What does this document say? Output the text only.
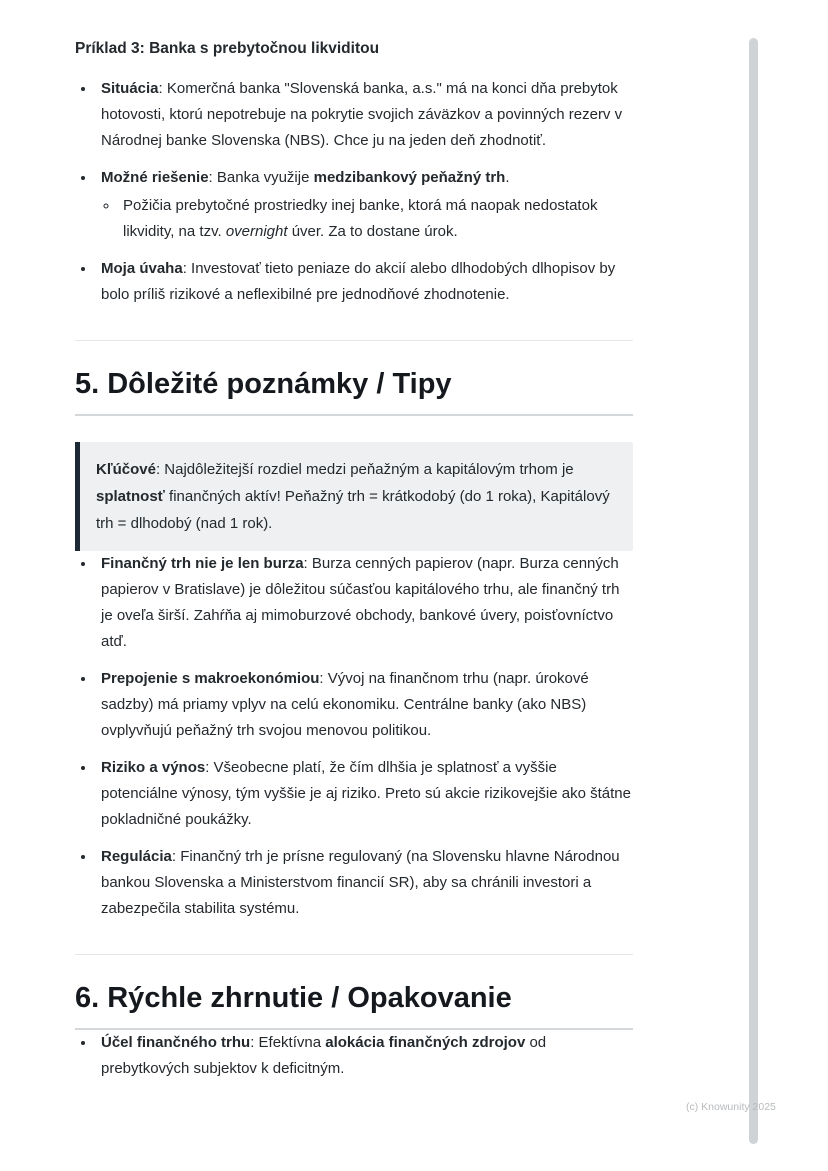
Príklad 3: Banka s prebytočnou likviditou

• Situácia: Komerčná banka "Slovenská banka, a.s." má na konci dňa prebytok hotovosti, ktorú nepotrebuje na pokrytie svojich záväzkov a povinných rezerv v Národnej banke Slovenska (NBS). Chce ju na jeden deň zhodnotiť.
• Možné riešenie: Banka využije medzibankový peňažný trh.
◦ Požičia prebytočné prostriedky inej banke, ktorá má naopak nedostatok likvidity, na tzv. overnight úver. Za to dostane úrok.
• Moja úvaha: Investovať tieto peniaze do akcií alebo dlhodobých dlhopisov by bolo príliš rizikové a neflexibilné pre jednodňové zhodnotenie.
5. Dôležité poznámky / Tipy

Kľúčové: Najdôležitejší rozdiel medzi peňažným a kapitálovým trhom je splatnosť finančných aktív! Peňažný trh = krátkodobý (do 1 roka), Kapitálový trh = dlhodobý (nad 1 rok).

• Finančný trh nie je len burza: Burza cenných papierov (napr. Burza cenných papierov v Bratislave) je dôležitou súčasťou kapitálového trhu, ale finančný trh je oveľa širší. Zahŕňa aj mimoburzové obchody, bankové úvery, poisťovníctvo atď.
• Prepojenie s makroekonómiou: Vývoj na finančnom trhu (napr. úrokové sadzby) má priamy vplyv na celú ekonomiku. Centrálne banky (ako NBS) ovplyvňujú peňažný trh svojou menovou politikou.
• Riziko a výnos: Všeobecne platí, že čím dlhšia je splatnosť a vyššie potenciálne výnosy, tým vyššie je aj riziko. Preto sú akcie rizikovejšie ako štátne pokladničné poukážky.
• Regulácia: Finančný trh je prísne regulovaný (na Slovensku hlavne Národnou bankou Slovenska a Ministerstvom financií SR), aby sa chránili investori a zabezpečila stabilita systému.
6. Rýchle zhrnutie / Opakovanie
• Účel finančného trhu: Efektívna alokácia finančných zdrojov od prebytkových subjektov k deficitným.
(c) Knowunity 2025
